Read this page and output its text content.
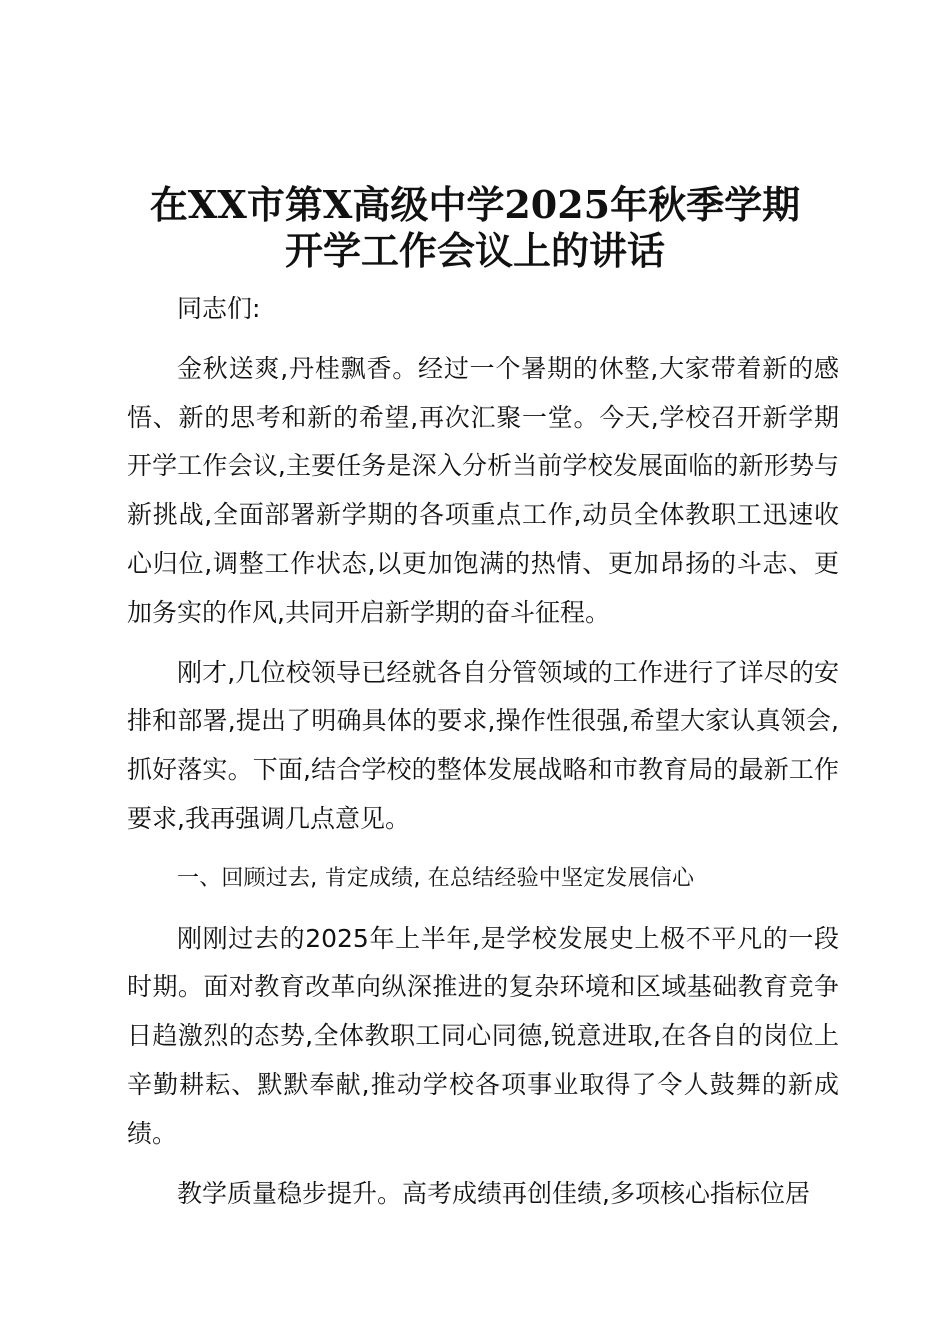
在XX市第X高级中学2025年秋季学期
开学工作会议上的讲话

同志们:

金秋送爽,丹桂飘香。经过一个暑期的休整,大家带着新的感悟、新的思考和新的希望,再次汇聚一堂。今天,学校召开新学期开学工作会议,主要任务是深入分析当前学校发展面临的新形势与新挑战,全面部署新学期的各项重点工作,动员全体教职工迅速收心归位,调整工作状态,以更加饱满的热情、更加昂扬的斗志、更加务实的作风,共同开启新学期的奋斗征程。

刚才,几位校领导已经就各自分管领域的工作进行了详尽的安排和部署,提出了明确具体的要求,操作性很强,希望大家认真领会,抓好落实。下面,结合学校的整体发展战略和市教育局的最新工作要求,我再强调几点意见。

一、回顾过去, 肯定成绩, 在总结经验中坚定发展信心

刚刚过去的2025年上半年,是学校发展史上极不平凡的一段时期。面对教育改革向纵深推进的复杂环境和区域基础教育竞争日趋激烈的态势,全体教职工同心同德,锐意进取,在各自的岗位上辛勤耕耘、默默奉献,推动学校各项事业取得了令人鼓舞的新成绩。

教学质量稳步提升。高考成绩再创佳绩,多项核心指标位居
